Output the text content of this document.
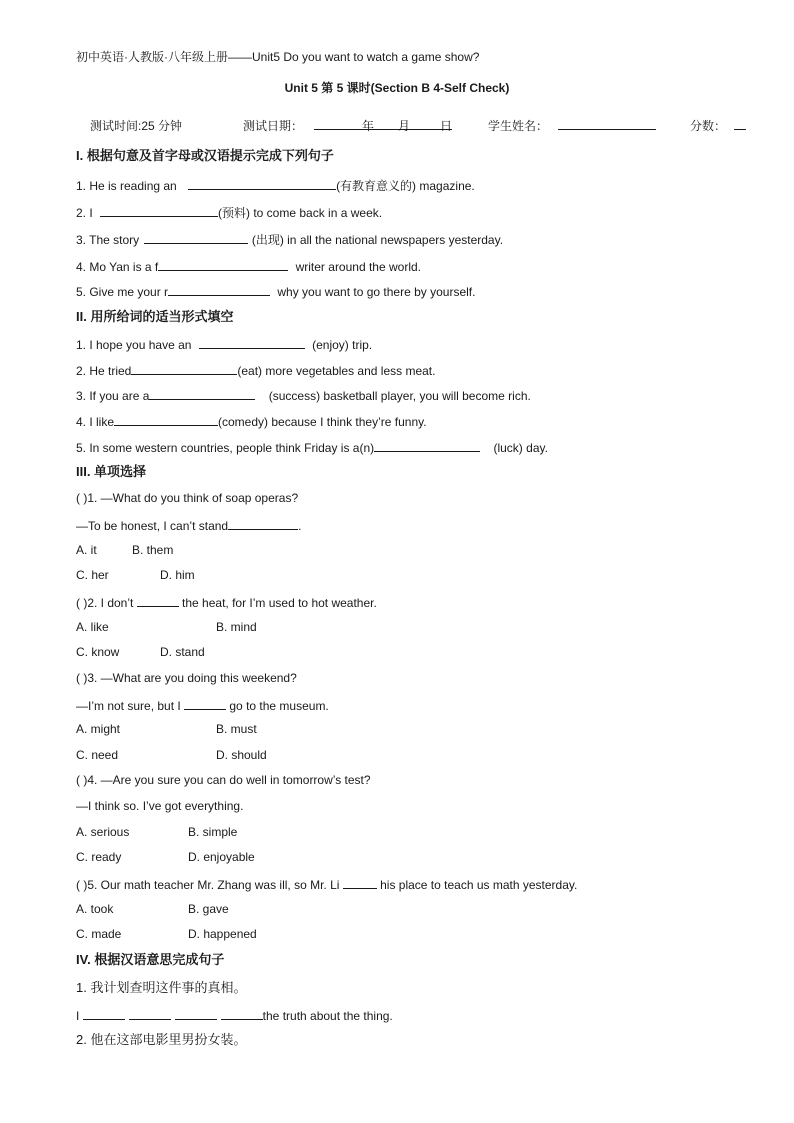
初中英语·人教版·八年级上册——Unit5 Do you want to watch a game show?
Unit 5 第 5 课时(Section B 4-Self Check)
测试时间:25 分钟	测试日期：	年 月 日	学生姓名：	分数：
I. 根据句意及首字母或汉语提示完成下列句子
1. He is reading an	(有教育意义的) magazine.
2. I	(预料) to come back in a week.
3. The story	(出现) in all the national newspapers yesterday.
4. Mo Yan is a f	writer around the world.
5. Give me your r	why you want to go there by yourself.
II. 用所给词的适当形式填空
1. I hope you have an	(enjoy) trip.
2. He tried	(eat) more vegetables and less meat.
3. If you are a	(success) basketball player, you will become rich.
4. I like	(comedy) because I think they’re funny.
5. In some western countries, people think Friday is a(n)	(luck) day.
III. 单项选择
( )1. —What do you think of soap operas?
—To be honest, I can’t stand	.
A. it	B. them
C. her	D. him
( )2. I don’t	the heat, for I’m used to hot weather.
A. like	B. mind
C. know	D. stand
( )3. —What are you doing this weekend?
—I’m not sure, but I	go to the museum.
A. might	B. must
C. need	D. should
( )4. —Are you sure you can do well in tomorrow’s test?
—I think so. I’ve got everything.
A. serious	B. simple
C. ready	D. enjoyable
( )5. Our math teacher Mr. Zhang was ill, so Mr. Li	his place to teach us math yesterday.
A. took	B. gave
C. made	D. happened
IV. 根据汉语意思完成句子
1. 我计划查明这件事的真相。
I	the truth about the thing.
2. 他在这部电影里男扮女装。
